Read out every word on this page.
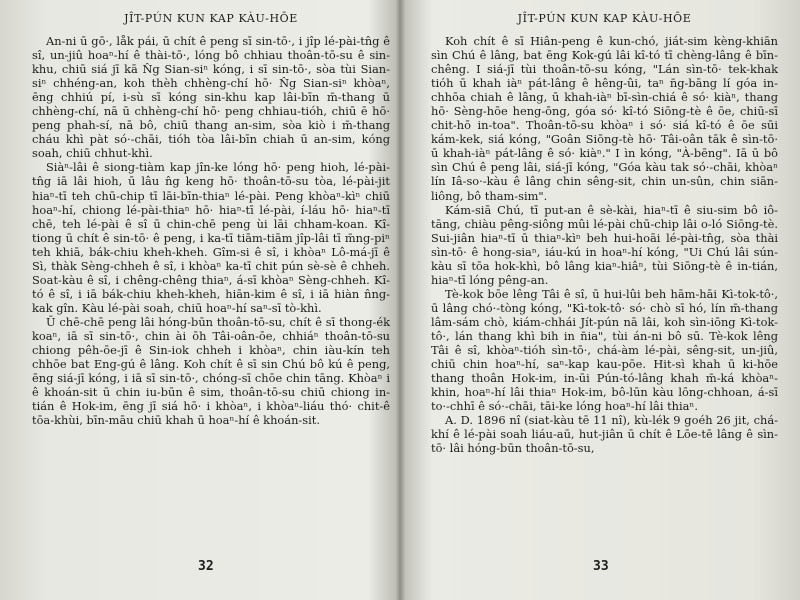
JÎT-PÚN KUN KAP KÀU-HŌE

An-ni ū gō·, låk pái, ū chít ê peng sī sin-tō·, i jîp lé-pài-tn̂g ê sî, un-jiû hoaⁿ-hí ê thài-tō·, lóng bô chhiau thoân-tō-su ê sin-khu, chiū siá jī kā N̂g Sian-siⁿ kóng, i sī sin-tō·, sòa tùi Sian-siⁿ chhéng-an, koh thèh chhèng-chí hō· N̂g Sian-siⁿ khòaⁿ, ēng chhiú pí, i-sù sī kóng sin-khu kap lâi-bīn m̄-thang ū chhèng-chí, nā ū chhèng-chí hō· peng chhiau-tióh, chiū ē hō· peng phah-sí, nā bô, chiū thang an-sim, sòa kiò i m̄-thang cháu khì pàt só·-chāi, tióh tòa lâi-bīn chiah ū an-sim, kóng soah, chiū chhut-khì.

Siàⁿ-lâi ê siong-tiàm kap jîn-ke lóng hō· peng hioh, lé-pài-tn̂g iā lâi hioh, ū lâu n̂g keng hō· thoân-tō-su tòa, lé-pài-jit hiaⁿ-tī teh chū-chip tī lāi-bīn-thiaⁿ lé-pài. Peng khòaⁿ-kìⁿ chiū hoaⁿ-hí, chiong lé-pài-thiaⁿ hō· hiaⁿ-tī lé-pài, í-láu hō· hiaⁿ-tī chē, teh lé-pài ê sî ū chin-chē peng ùi lāi chham-koan. Kî-tiong ū chít ê sin-tō· ê peng, i ka-tī tiām-tiām jîp-lâi tī m̄ng-piⁿ teh khiā, bák-chiu kheh-kheh. Gîm-si ê sî, i khòaⁿ Lô-má-jī ê Sì, thàk Sèng-chheh ê sî, i khòaⁿ ka-tī chit pún sè-sè ê chheh. Soat-kàu ê sî, i chêng-chêng thiaⁿ, á-sī khòaⁿ Sèng-chheh. Kî-tó ê sî, i iā bák-chiu kheh-kheh, hiān-kim ê sî, i iā hiàn n̂ng-kak gîn. Kàu lé-pài soah, chiū hoaⁿ-hí saⁿ-sī tò-khì.

Ū chē-chē peng lâi hóng-būn thoân-tō-su, chít ê sī thong-ék koaⁿ, iā sī sin-tō·, chin ài ōh Tâi-oân-ōe, chhiáⁿ thoân-tō-su chiong pêh-ōe-jī ê Sin-iok chheh i khòaⁿ, chin iàu-kín teh chhōe bat Eng-gú ê lâng. Koh chít ê sī sin Chú bô kú ê peng, ēng siá-jī kóng, i iā sī sin-tō·, chóng-sī chōe chin tāng. Khòaⁿ i ê khoán-sit ū chin iu-būn ê sim, thoân-tō-su chiū chiong in-tián ê Hok-im, ēng jī siá hō· i khòaⁿ, i khòaⁿ-liáu thó· chit-ê tōa-khùi, bīn-māu chiū khah ū hoaⁿ-hí ê khoán-sit.

32
JÎT-PÚN KUN KAP KÀU-HŌE

Koh chít ê sī Hiân-peng ê kun-chó, jiát-sim kèng-khiān sìn Chú ê lâng, bat ēng Kok-gú lâi kî-tó tī chèng-lâng ê bīn-chêng. I siá-jī tùi thoân-tō-su kóng, "Lán sìn-tō· tek-khak tióh ū khah iàⁿ pát-lâng ê hêng-ûi, taⁿ n̄g-bāng lí góa in-chhōa chiah ê lâng, ū khah-iàⁿ bī-sìn-chiá ê só· kiàⁿ, thang hō· Sèng-hōe heng-ōng, góa só· kî-tó Siōng-tè ê ōe, chiū-sī chit-hō in-toa". Thoân-tō-su khòaⁿ i só· siá kî-tó ê ōe sūi kám-kek, siá kóng, "Goân Siōng-tè hō· Tâi-oân tāk ê sìn-tō· ū khah-iàⁿ pát-lâng ê só· kiàⁿ." I ìn kóng, "À-bēng". Iā ū bô sìn Chú ê peng lâi, siá-jī kóng, "Góa kàu tak só·-chāi, khòaⁿ lín Iâ-so·-kàu ê lâng chin sêng-sit, chin un-sûn, chin siān-liông, bô tham-sim".

Kám-siā Chú, tī put-an ê sè-kài, hiaⁿ-tī ê siu-sim bô iô-tāng, chiàu pêng-siông mûi lé-pài chū-chip lâi o-ló Siōng-tè. Sui-jiân hiaⁿ-tī ū thiaⁿ-kìⁿ beh hui-hoāi lé-pài-tn̂g, sòa thài sìn-tō· ê hong-siaⁿ, iáu-kú in hoaⁿ-hí kóng, "Ui Chú lâi sún-kàu sī tōa hok-khì, bô lâng kiaⁿ-hiâⁿ, tùi Siōng-tè ê in-tián, hiaⁿ-tī lóng pêng-an.

Tè-kok bōe lêng Tâi ê sî, ū hui-lûi beh hām-hāi Kì-tok-tô·, ū lâng chó·-tòng kóng, "Kì-tok-tô· só· chò sī hó, lín m̄-thang lâm-sám chò, kiám-chhái Jít-pún nā lâi, koh sìn-iōng Kì-tok-tô·, lán thang khì bih in n̄ia", tùi án-ni bô sū. Tè-kok lêng Tâi ê sî, khòaⁿ-tióh sìn-tō·, chá-àm lé-pài, sêng-sit, un-jiû, chiū chin hoaⁿ-hí, saⁿ-kap kau-pōe. Hit-sì khah ū ki-hōe thang thoân Hok-im, in-ūi Pún-tó-lâng khah m̄-ká khòaⁿ-khin, hoaⁿ-hí lâi thiaⁿ Hok-im, bô-lūn kàu lōng-chhoan, á-sī to·-chhī ê só·-chāi, tāi-ke lóng hoaⁿ-hí lâi thiaⁿ.

A. D. 1896 nî (siat-kàu tē 11 nî), kù-lék 9 goéh 26 jit, chá-khí ê lé-pài soah liáu-aū, hut-jiân ū chít ê Lōe-tē lâng ê sìn-tō· lâi hóng-būn thoân-tō-su,

33
